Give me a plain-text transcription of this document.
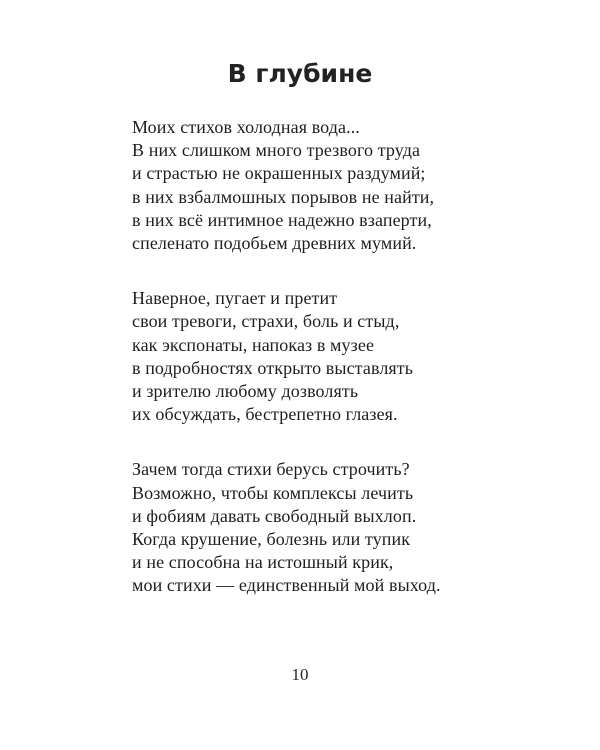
В глубине
Моих стихов холодная вода...
В них слишком много трезвого труда
и страстью не окрашенных раздумий;
в них взбалмошных порывов не найти,
в них всё интимное надежно взаперти,
спеленато подобьем древних мумий.
Наверное, пугает и претит
свои тревоги, страхи, боль и стыд,
как экспонаты, напоказ в музее
в подробностях открыто выставлять
и зрителю любому дозволять
их обсуждать, бестрепетно глазея.
Зачем тогда стихи берусь строчить?
Возможно, чтобы комплексы лечить
и фобиям давать свободный выхлоп.
Когда крушение, болезнь или тупик
и не способна на истошный крик,
мои стихи — единственный мой выход.
10
